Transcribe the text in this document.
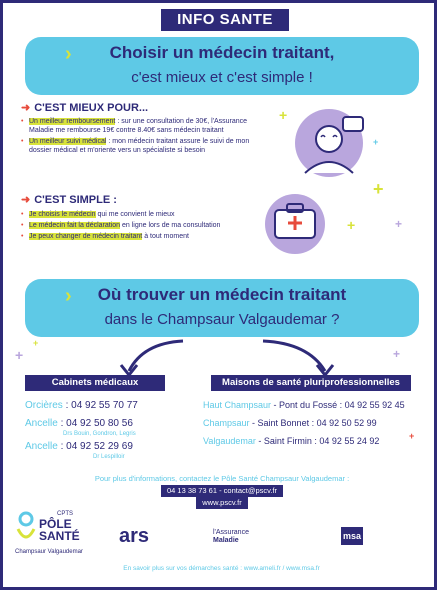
INFO SANTE
›	Choisir un médecin traitant,
c'est mieux et c'est simple !
➜ C'EST MIEUX POUR...
• Un meilleur remboursement : sur une consultation de 30€, l'Assurance Maladie me rembourse 19€ contre 8.40€ sans médecin traitant
• Un meilleur suivi médical : mon médecin traitant assure le suivi de mon dossier médical et m'oriente vers un spécialiste si besoin
➜ C'EST SIMPLE :
• Je choisis le médecin qui me convient le mieux
• Le médecin fait la déclaration en ligne lors de ma consultation
• Je peux changer de médecin traitant à tout moment
+
+
+	+
+
›	Où trouver un médecin traitant
dans le Champsaur Valgaudemar ?
+	+
+
+
Cabinets médicaux
Orcières : 04 92 55 70 77
Ancelle : 04 92 50 80 56
Drs Bouin, Gondron, Legris
Ancelle : 04 92 52 29 69
Dr Lespilloir
Maisons de santé pluriprofessionnelles
Haut Champsaur - Pont du Fossé : 04 92 55 92 45
Champsaur - Saint Bonnet : 04 92 50 52 99
Valgaudemar - Saint Firmin : 04 92 55 24 92
Pour plus d'informations, contactez le Pôle Santé Champsaur Valgaudemar :
04 13 38 73 61 - contact@pscv.fr
www.pscv.fr
CPTS
PÔLE
SANTÉ
Champsaur Valgaudemar
ars	l'Assurance
Maladie	msa
En savoir plus sur vos démarches santé : www.ameli.fr / www.msa.fr
